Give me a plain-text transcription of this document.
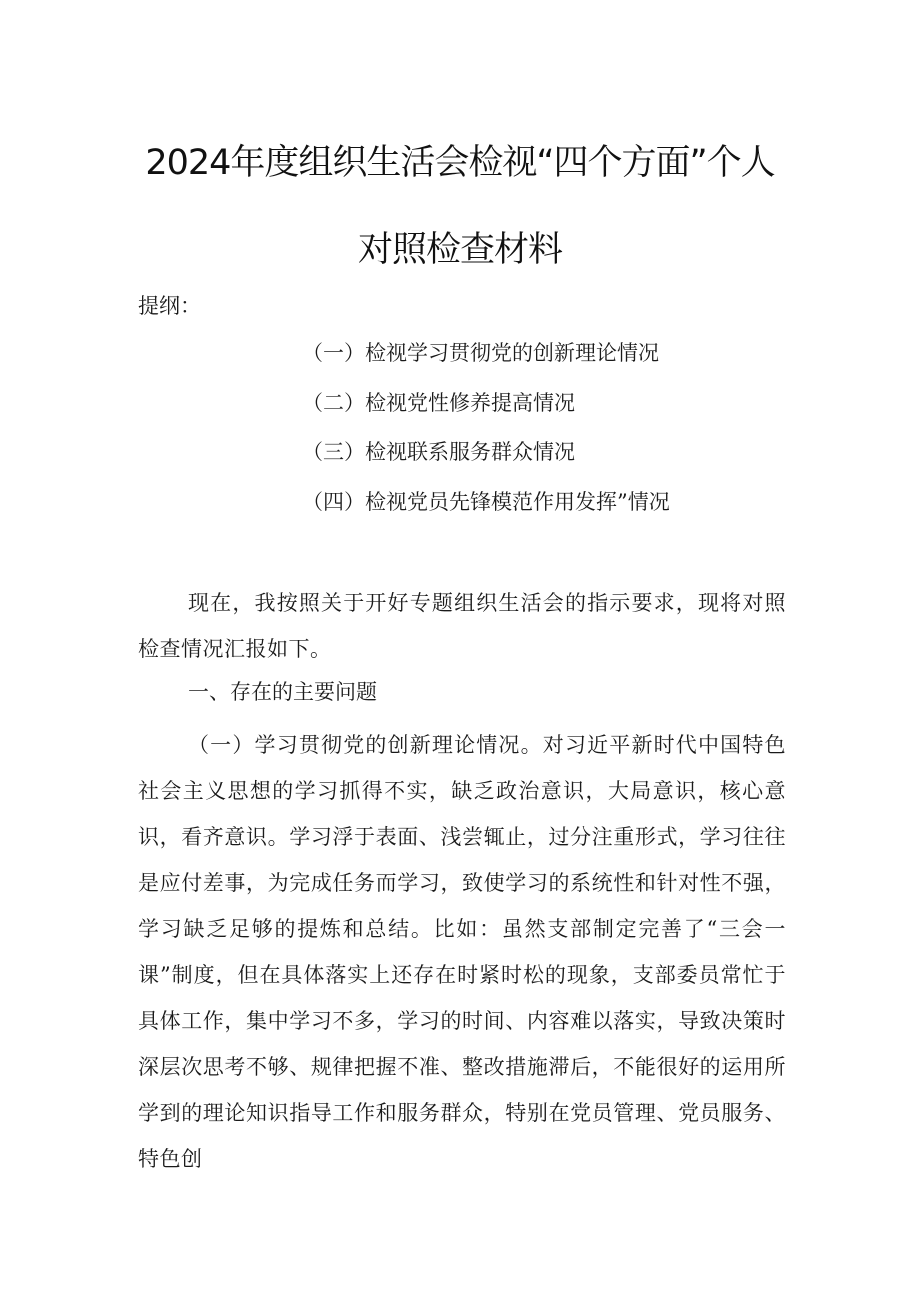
2024年度组织生活会检视“四个方面”个人
对照检查材料

提纲：

（一）检视学习贯彻党的创新理论情况
（二）检视党性修养提高情况
（三）检视联系服务群众情况
（四）检视党员先锋模范作用发挥”情况

现在，我按照关于开好专题组织生活会的指示要求，现将对照检查情况汇报如下。

一、存在的主要问题

（一）学习贯彻党的创新理论情况。对习近平新时代中国特色社会主义思想的学习抓得不实，缺乏政治意识，大局意识，核心意识，看齐意识。学习浮于表面、浅尝辄止，过分注重形式，学习往往是应付差事，为完成任务而学习，致使学习的系统性和针对性不强，学习缺乏足够的提炼和总结。比如：虽然支部制定完善了“三会一课”制度，但在具体落实上还存在时紧时松的现象，支部委员常忙于具体工作，集中学习不多，学习的时间、内容难以落实，导致决策时深层次思考不够、规律把握不准、整改措施滞后，不能很好的运用所学到的理论知识指导工作和服务群众，特别在党员管理、党员服务、特色创
